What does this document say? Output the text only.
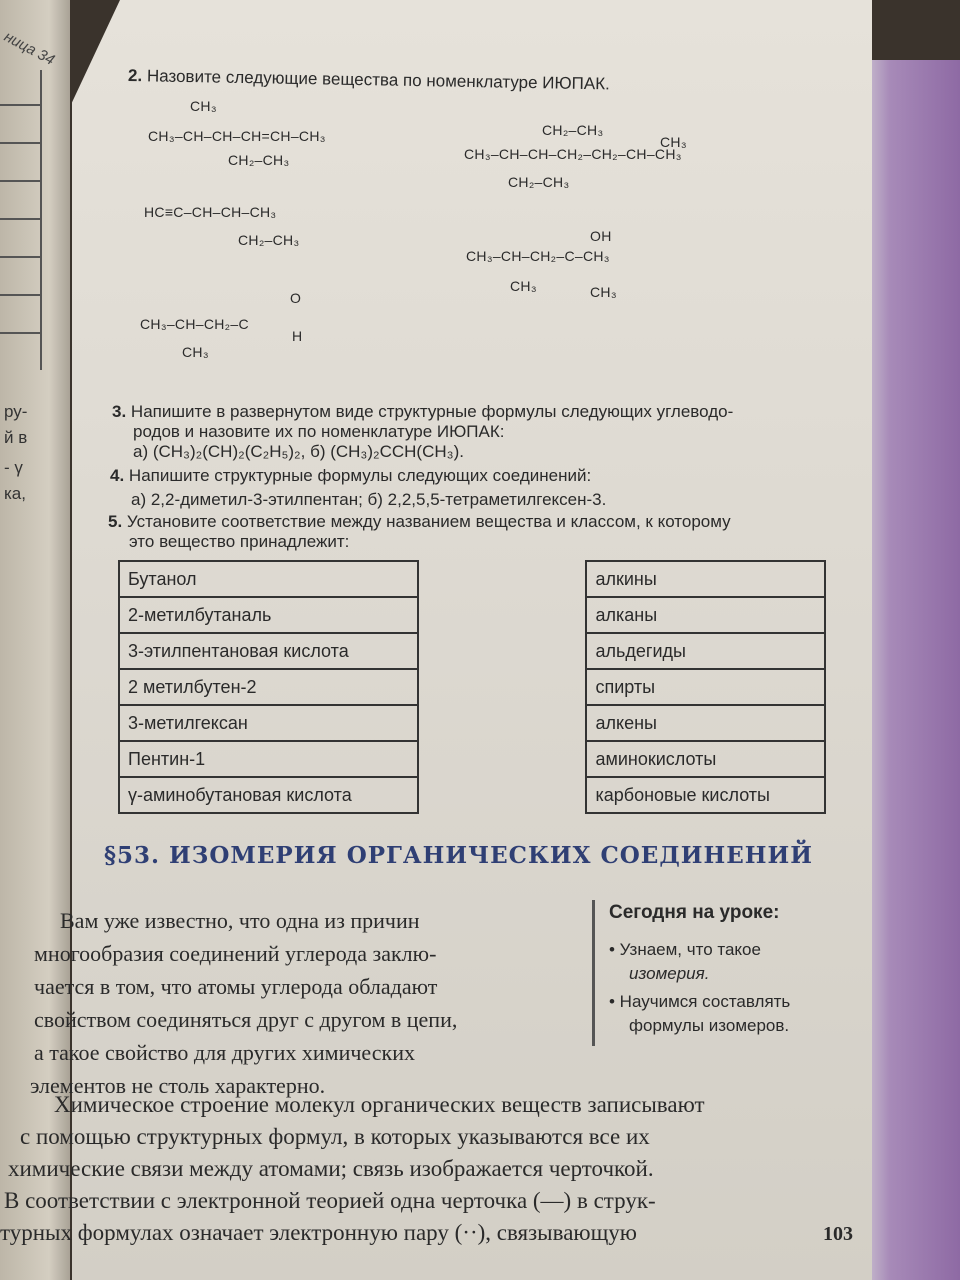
ница 34
ру-
й в
- γ
ка,
2. Назовите следующие вещества по номенклатуре ИЮПАК.
CH₃
CH₃–CH–CH–CH=CH–CH₃
CH₂–CH₃
CH₂–CH₃
CH₃
CH₃–CH–CH–CH₂–CH₂–CH–CH₃
CH₂–CH₃
HC≡C–CH–CH–CH₃
CH₂–CH₃	OH
CH₃–CH–CH₂–C–CH₃
CH₃	CH₃
O
CH₃–CH–CH₂–C
H
CH₃
3. Напишите в развернутом виде структурные формулы следующих углеводо-
родов и назовите их по номенклатуре ИЮПАК:
а) (CH₃)₂(CH)₂(C₂H₅)₂, б) (CH₃)₂CCH(CH₃).
4. Напишите структурные формулы следующих соединений:
а) 2,2-диметил-3-этилпентан; б) 2,2,5,5-тетраметилгексен-3.
5. Установите соответствие между названием вещества и классом, к которому
это вещество принадлежит:
Бутанол		алкины
2-метилбутаналь		алканы
3-этилпентановая кислота		альдегиды
2 метилбутен-2		спирты
3-метилгексан		алкены
Пентин-1		аминокислоты
γ-аминобутановая кислота		карбоновые кислоты
§53. ИЗОМЕРИЯ ОРГАНИЧЕСКИХ СОЕДИНЕНИЙ
Вам уже известно, что одна из причин
многообразия соединений углерода заклю-
чается в том, что атомы углерода обладают
свойством соединяться друг с другом в цепи,
а такое свойство для других химических
элементов не столь характерно.
Сегодня на уроке:
• Узнаем, что такое
изомерия.
• Научимся составлять
формулы изомеров.
Химическое строение молекул органических веществ записывают
с помощью структурных формул, в которых указываются все их
химические связи между атомами; связь изображается черточкой.
В соответствии с электронной теорией одна черточка (—) в струк-
турных формулах означает электронную пару (··), связывающую	103
